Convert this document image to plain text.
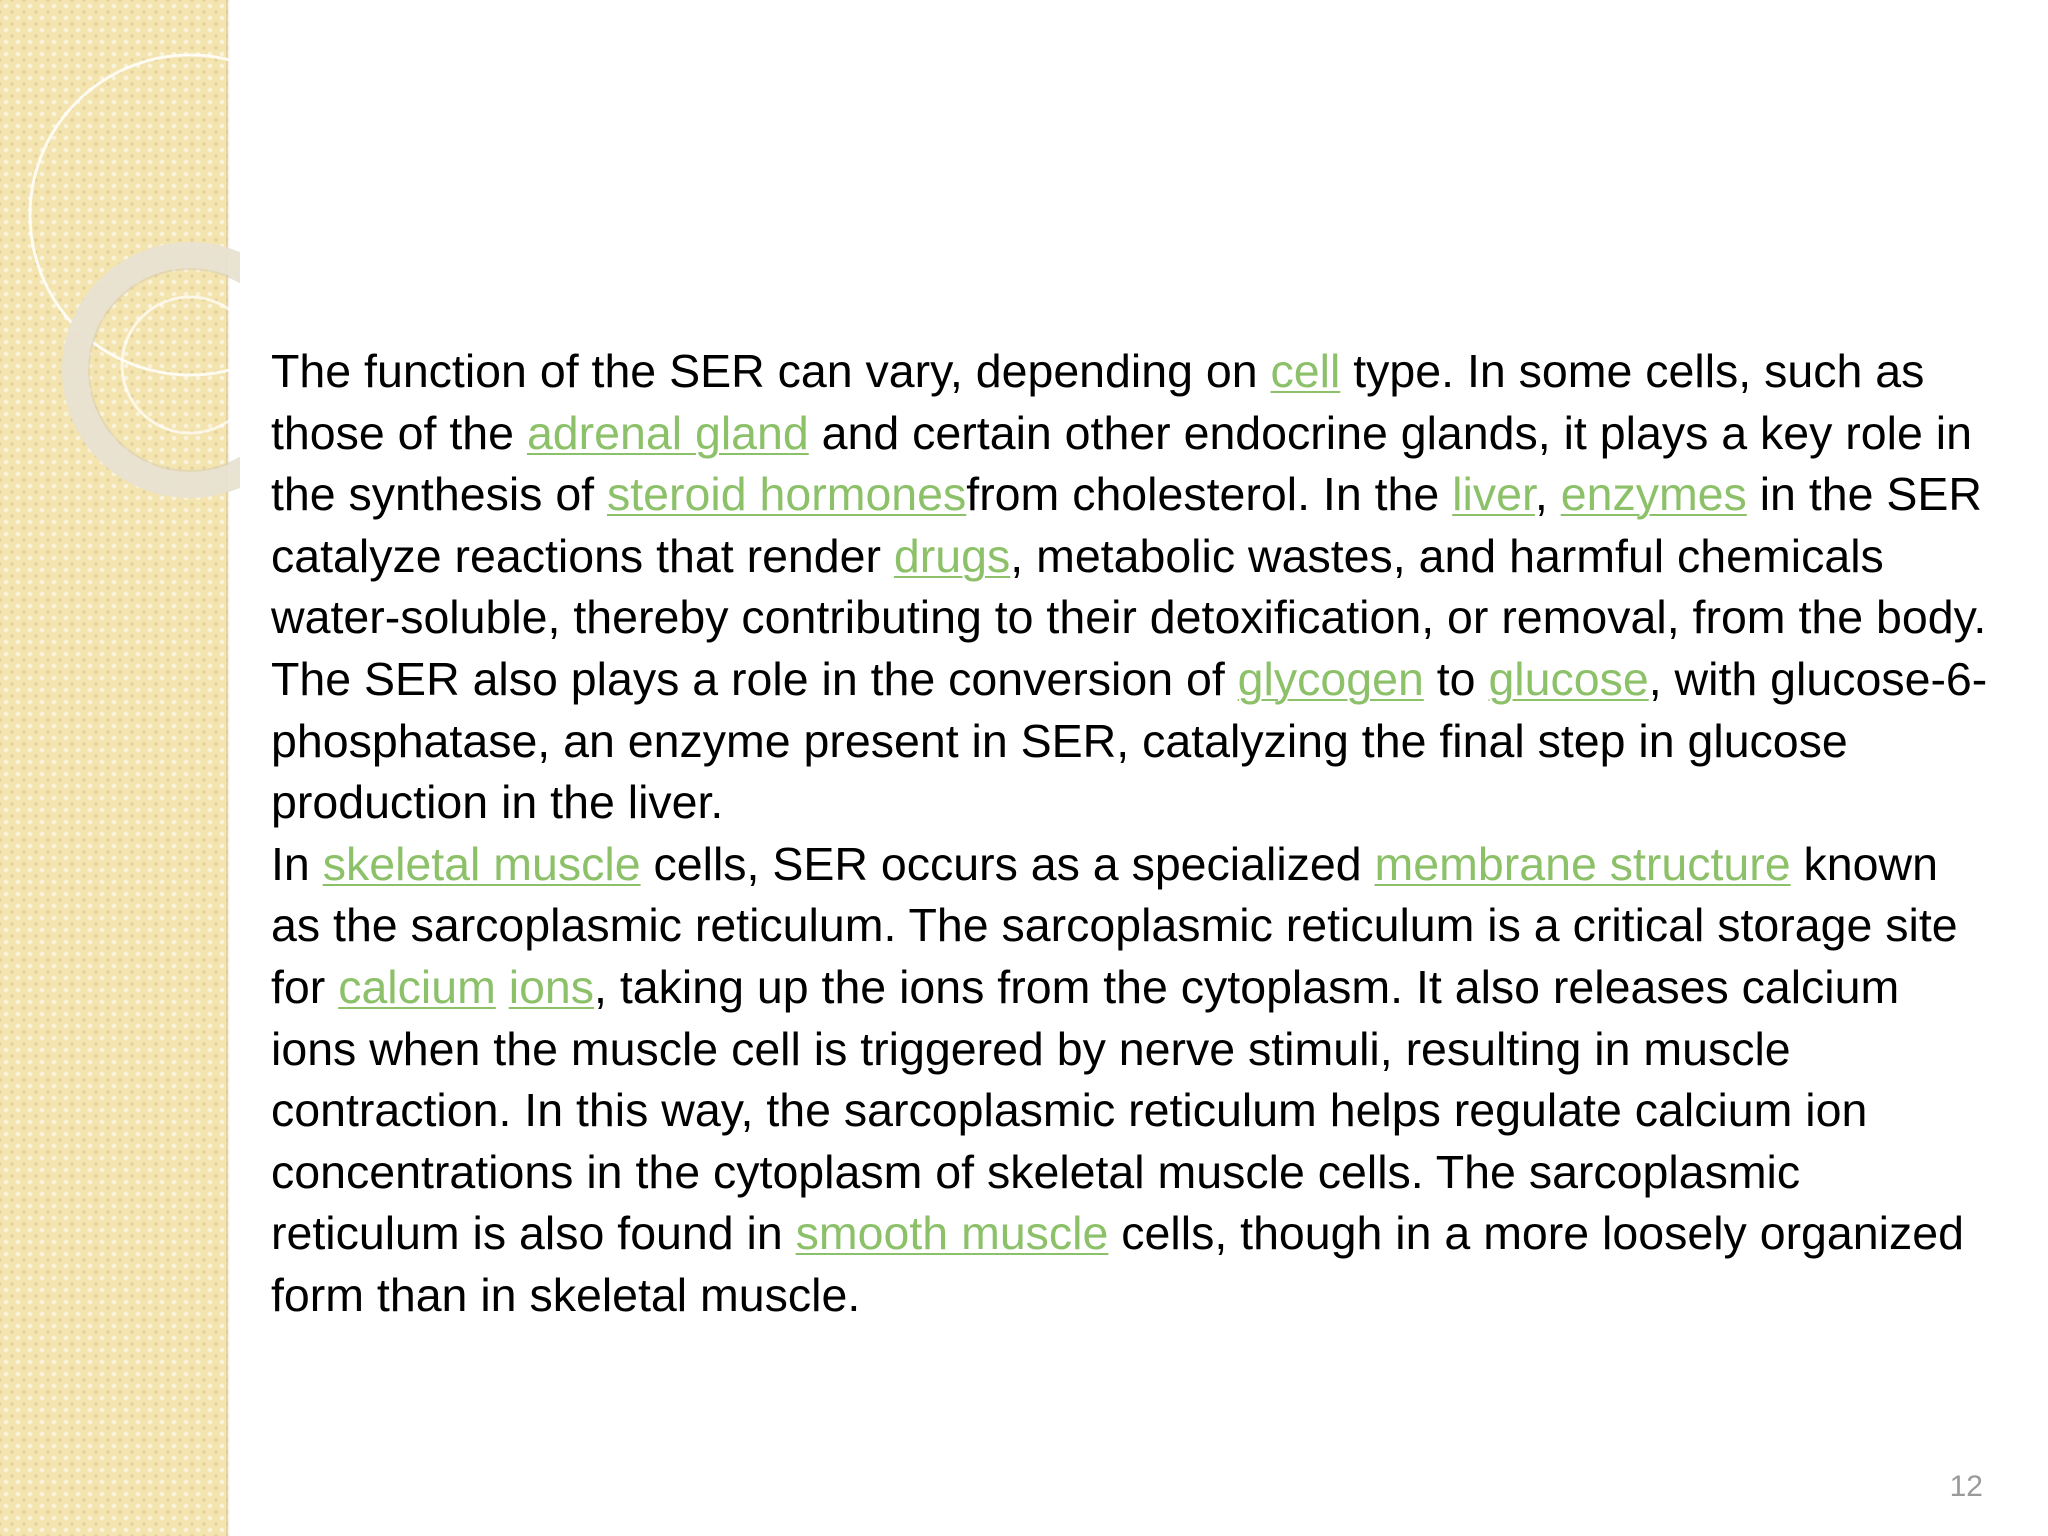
The function of the SER can vary, depending on cell type. In some cells, such as those of the adrenal gland and certain other endocrine glands, it plays a key role in the synthesis of steroid hormonesfrom cholesterol. In the liver, enzymes in the SER catalyze reactions that render drugs, metabolic wastes, and harmful chemicals water-soluble, thereby contributing to their detoxification, or removal, from the body. The SER also plays a role in the conversion of glycogen to glucose, with glucose-6-phosphatase, an enzyme present in SER, catalyzing the final step in glucose production in the liver.

In skeletal muscle cells, SER occurs as a specialized membrane structure known as the sarcoplasmic reticulum. The sarcoplasmic reticulum is a critical storage site for calcium ions, taking up the ions from the cytoplasm. It also releases calcium ions when the muscle cell is triggered by nerve stimuli, resulting in muscle contraction. In this way, the sarcoplasmic reticulum helps regulate calcium ion concentrations in the cytoplasm of skeletal muscle cells. The sarcoplasmic reticulum is also found in smooth muscle cells, though in a more loosely organized form than in skeletal muscle.

12
